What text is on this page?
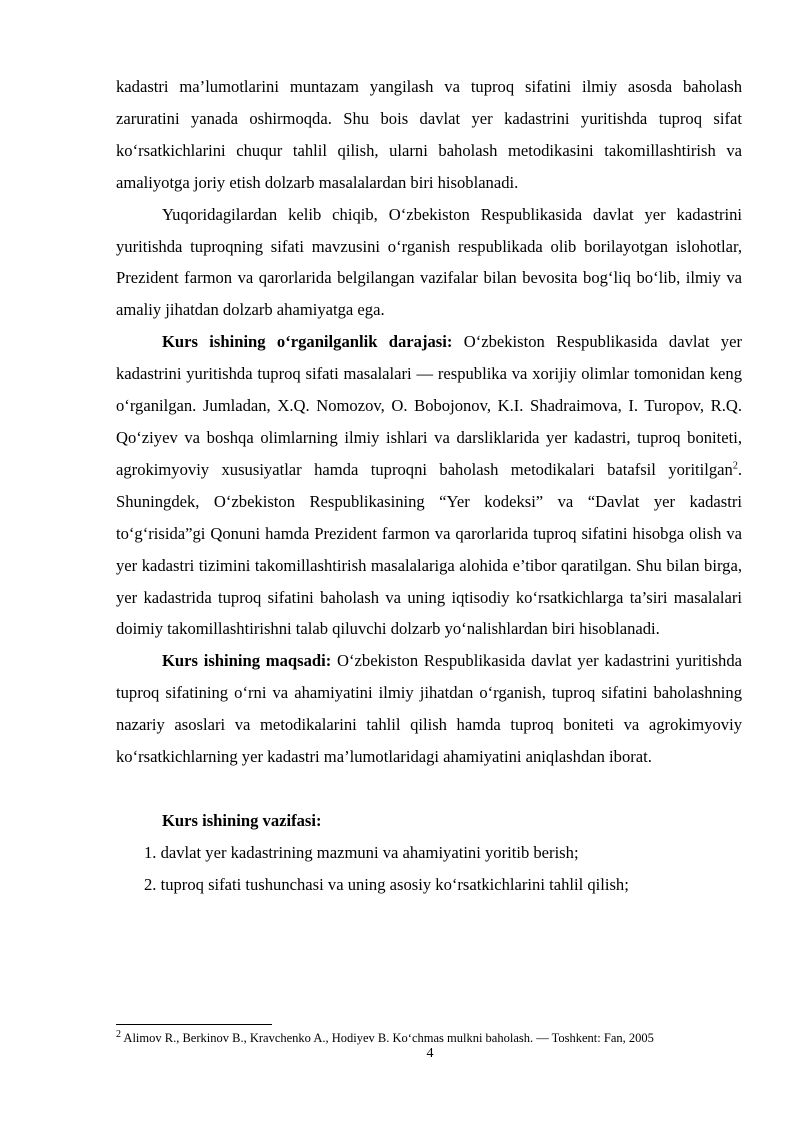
kadastri ma’lumotlarini muntazam yangilash va tuproq sifatini ilmiy asosda baholash zaruratini yanada oshirmoqda. Shu bois davlat yer kadastrini yuritishda tuproq sifat ko‘rsatkichlarini chuqur tahlil qilish, ularni baholash metodikasini takomillashtirish va amaliyotga joriy etish dolzarb masalalardan biri hisoblanadi.

Yuqoridagilardan kelib chiqib, O‘zbekiston Respublikasida davlat yer kadastrini yuritishda tuproqning sifati mavzusini o‘rganish respublikada olib borilayotgan islohotlar, Prezident farmon va qarorlarida belgilangan vazifalar bilan bevosita bog‘liq bo‘lib, ilmiy va amaliy jihatdan dolzarb ahamiyatga ega.

Kurs ishining o‘rganilganlik darajasi: O‘zbekiston Respublikasida davlat yer kadastrini yuritishda tuproq sifati masalalari — respublika va xorijiy olimlar tomonidan keng o‘rganilgan. Jumladan, X.Q. Nomozov, O. Bobojonov, K.I. Shadraimova, I. Turopov, R.Q. Qo‘ziyev va boshqa olimlarning ilmiy ishlari va darsliklarida yer kadastri, tuproq boniteti, agrokimyoviy xususiyatlar hamda tuproqni baholash metodikalari batafsil yoritilgan$^2$. Shuningdek, O‘zbekiston Respublikasining “Yer kodeksi” va “Davlat yer kadastri to‘g‘risida”gi Qonuni hamda Prezident farmon va qarorlarida tuproq sifatini hisobga olish va yer kadastri tizimini takomillashtirish masalalariga alohida e’tibor qaratilgan. Shu bilan birga, yer kadastrida tuproq sifatini baholash va uning iqtisodiy ko‘rsatkichlarga ta’siri masalalari doimiy takomillashtirishni talab qiluvchi dolzarb yo‘nalishlardan biri hisoblanadi.

Kurs ishining maqsadi: O‘zbekiston Respublikasida davlat yer kadastrini yuritishda tuproq sifatining o‘rni va ahamiyatini ilmiy jihatdan o‘rganish, tuproq sifatini baholashning nazariy asoslari va metodikalarini tahlil qilish hamda tuproq boniteti va agrokimyoviy ko‘rsatkichlarning yer kadastri ma’lumotlaridagi ahamiyatini aniqlashdan iborat.

Kurs ishining vazifasi:

1. davlat yer kadastrining mazmuni va ahamiyatini yoritib berish;

2. tuproq sifati tushunchasi va uning asosiy ko‘rsatkichlarini tahlil qilish;

$^2$ Alimov R., Berkinov B., Kravchenko A., Hodiyev B. Ko‘chmas mulkni baholash. — Toshkent: Fan, 2005
4
